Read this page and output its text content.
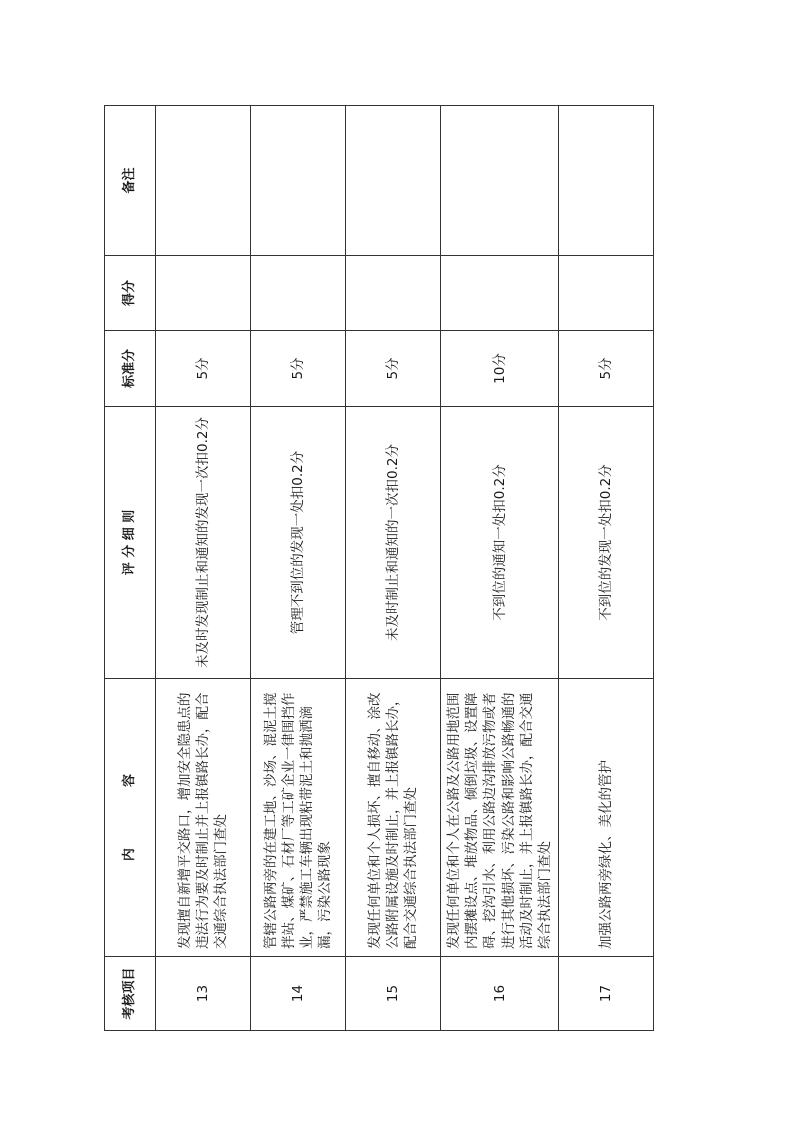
考核项目	内　　容	评 分 细 则	标准分	得分	备注
13	发现擅自新增平交路口，增加安全隐患点的违法行为要及时制止并上报镇路长办，配合交通综合执法部门查处	未及时发现制止和通知的发现一次扣0.2分	5分		
14	管辖公路两旁的在建工地、沙场、混泥土搅拌站、煤矿、石材厂等工矿企业一律围挡作业，严禁施工车辆出现粘带泥土和抛洒滴漏，污染公路现象	管理不到位的发现一处扣0.2分	5分		
15	发现任何单位和个人损坏、擅自移动、涂改公路附属设施及时制止，并上报镇路长办，配合交通综合执法部门查处	未及时制止和通知的一次扣0.2分	5分		
16	发现任何单位和个人在公路及公路用地范围内摆摊设点、堆放物品、倾倒垃圾、设置障碍、挖沟引水、利用公路边沟排放污物或者进行其他损坏、污染公路和影响公路畅通的活动及时制止，并上报镇路长办，配合交通综合执法部门查处	不到位的通知一处扣0.2分	10分		
17	加强公路两旁绿化、美化的管护	不到位的发现一处扣0.2分	5分		
